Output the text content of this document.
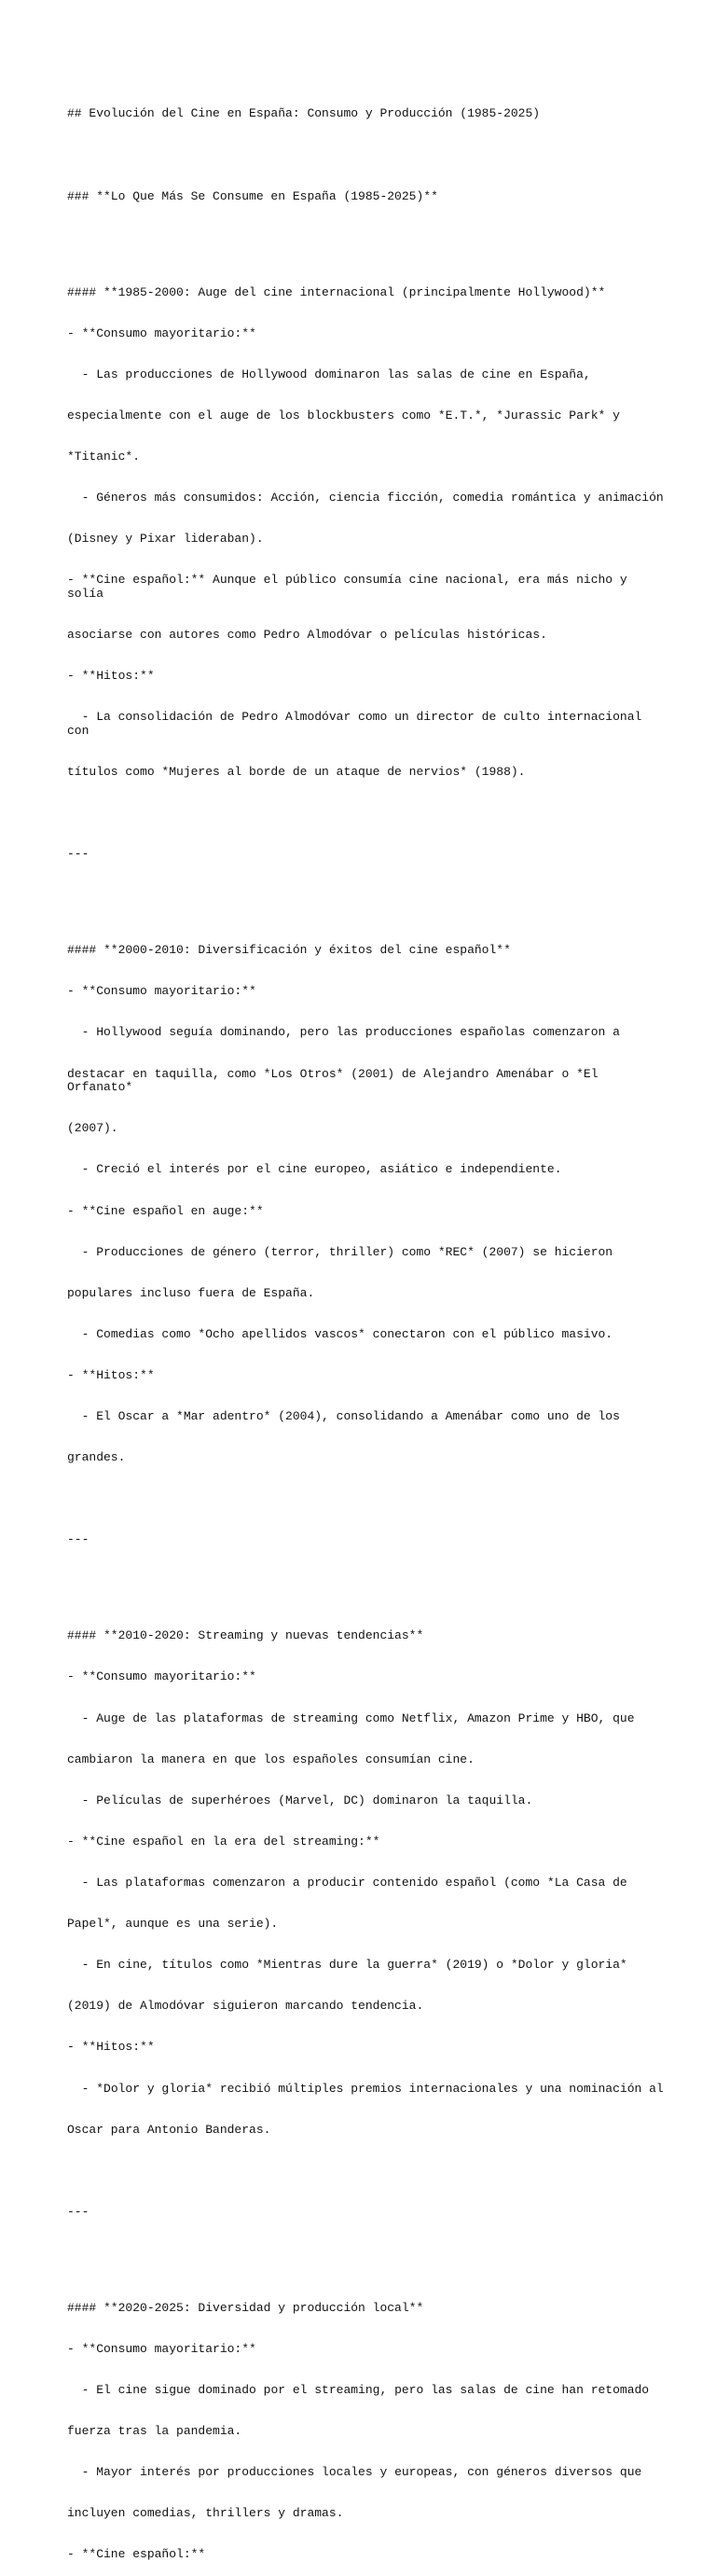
## Evolución del Cine en España: Consumo y Producción (1985-2025)

### **Lo Que Más Se Consume en España (1985-2025)**

#### **1985-2000: Auge del cine internacional (principalmente Hollywood)**

- **Consumo mayoritario:**

- Las producciones de Hollywood dominaron las salas de cine en España,

especialmente con el auge de los blockbusters como *E.T.*, *Jurassic Park* y

*Titanic*.

- Géneros más consumidos: Acción, ciencia ficción, comedia romántica y animación

(Disney y Pixar lideraban).

- **Cine español:** Aunque el público consumía cine nacional, era más nicho y solía

asociarse con autores como Pedro Almodóvar o películas históricas.

- **Hitos:**

- La consolidación de Pedro Almodóvar como un director de culto internacional con

títulos como *Mujeres al borde de un ataque de nervios* (1988).

---

#### **2000-2010: Diversificación y éxitos del cine español**

- **Consumo mayoritario:**

- Hollywood seguía dominando, pero las producciones españolas comenzaron a

destacar en taquilla, como *Los Otros* (2001) de Alejandro Amenábar o *El Orfanato*

(2007).

- Creció el interés por el cine europeo, asiático e independiente.

- **Cine español en auge:**

- Producciones de género (terror, thriller) como *REC* (2007) se hicieron

populares incluso fuera de España.

- Comedias como *Ocho apellidos vascos* conectaron con el público masivo.

- **Hitos:**

- El Oscar a *Mar adentro* (2004), consolidando a Amenábar como uno de los

grandes.

---

#### **2010-2020: Streaming y nuevas tendencias**

- **Consumo mayoritario:**

- Auge de las plataformas de streaming como Netflix, Amazon Prime y HBO, que

cambiaron la manera en que los españoles consumían cine.

- Películas de superhéroes (Marvel, DC) dominaron la taquilla.

- **Cine español en la era del streaming:**

- Las plataformas comenzaron a producir contenido español (como *La Casa de

Papel*, aunque es una serie).

- En cine, títulos como *Mientras dure la guerra* (2019) o *Dolor y gloria*

(2019) de Almodóvar siguieron marcando tendencia.

- **Hitos:**

- *Dolor y gloria* recibió múltiples premios internacionales y una nominación al

Oscar para Antonio Banderas.

---

#### **2020-2025: Diversidad y producción local**

- **Consumo mayoritario:**

- El cine sigue dominado por el streaming, pero las salas de cine han retomado

fuerza tras la pandemia.

- Mayor interés por producciones locales y europeas, con géneros diversos que

incluyen comedias, thrillers y dramas.

- **Cine español:**
